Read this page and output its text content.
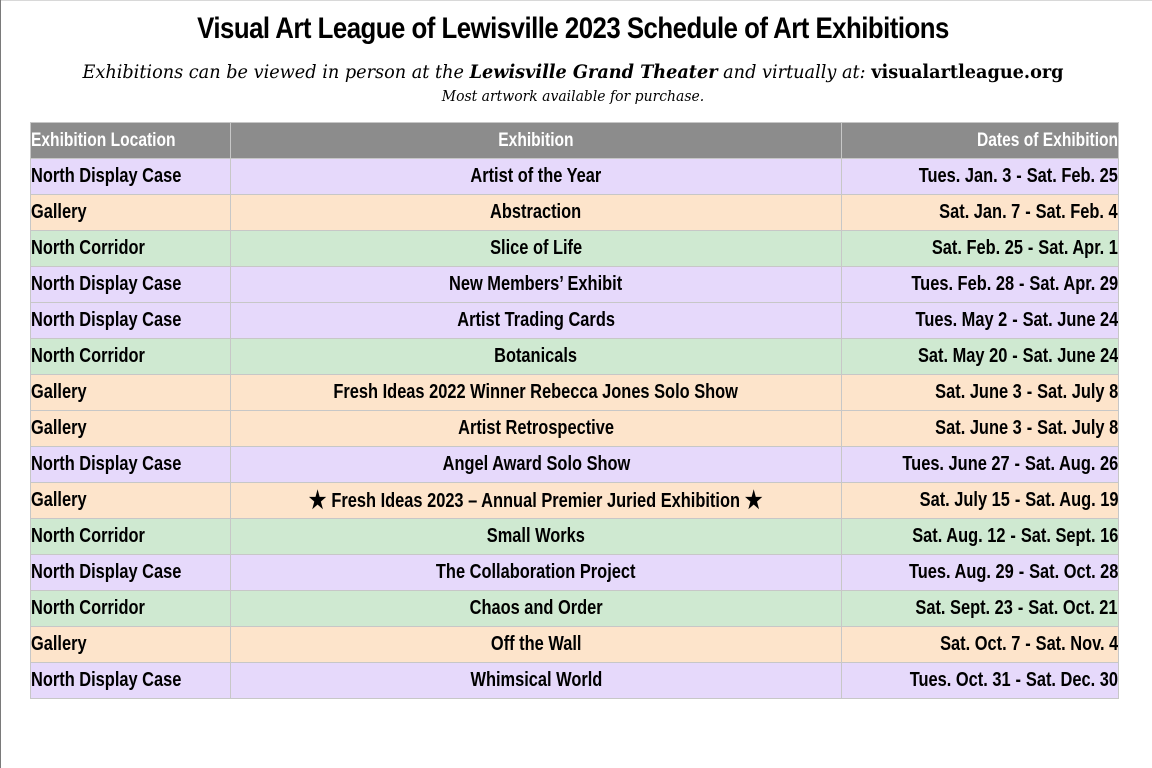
Visual Art League of Lewisville 2023 Schedule of Art Exhibitions
Exhibitions can be viewed in person at the Lewisville Grand Theater and virtually at: visualartleague.org
Most artwork available for purchase.
Exhibition Location	Exhibition	Dates of Exhibition
North Display Case	Artist of the Year	Tues. Jan. 3 - Sat. Feb. 25
Gallery	Abstraction	Sat. Jan. 7 - Sat. Feb. 4
North Corridor	Slice of Life	Sat. Feb. 25 - Sat. Apr. 1
North Display Case	New Members’ Exhibit	Tues. Feb. 28 - Sat. Apr. 29
North Display Case	Artist Trading Cards	Tues. May 2 - Sat. June 24
North Corridor	Botanicals	Sat. May 20 - Sat. June 24
Gallery	Fresh Ideas 2022 Winner Rebecca Jones Solo Show	Sat. June 3 - Sat. July 8
Gallery	Artist Retrospective	Sat. June 3 - Sat. July 8
North Display Case	Angel Award Solo Show	Tues. June 27 - Sat. Aug. 26
Gallery	★ Fresh Ideas 2023 – Annual Premier Juried Exhibition ★	Sat. July 15 - Sat. Aug. 19
North Corridor	Small Works	Sat. Aug. 12 - Sat. Sept. 16
North Display Case	The Collaboration Project	Tues. Aug. 29 - Sat. Oct. 28
North Corridor	Chaos and Order	Sat. Sept. 23 - Sat. Oct. 21
Gallery	Off the Wall	Sat. Oct. 7 - Sat. Nov. 4
North Display Case	Whimsical World	Tues. Oct. 31 - Sat. Dec. 30
